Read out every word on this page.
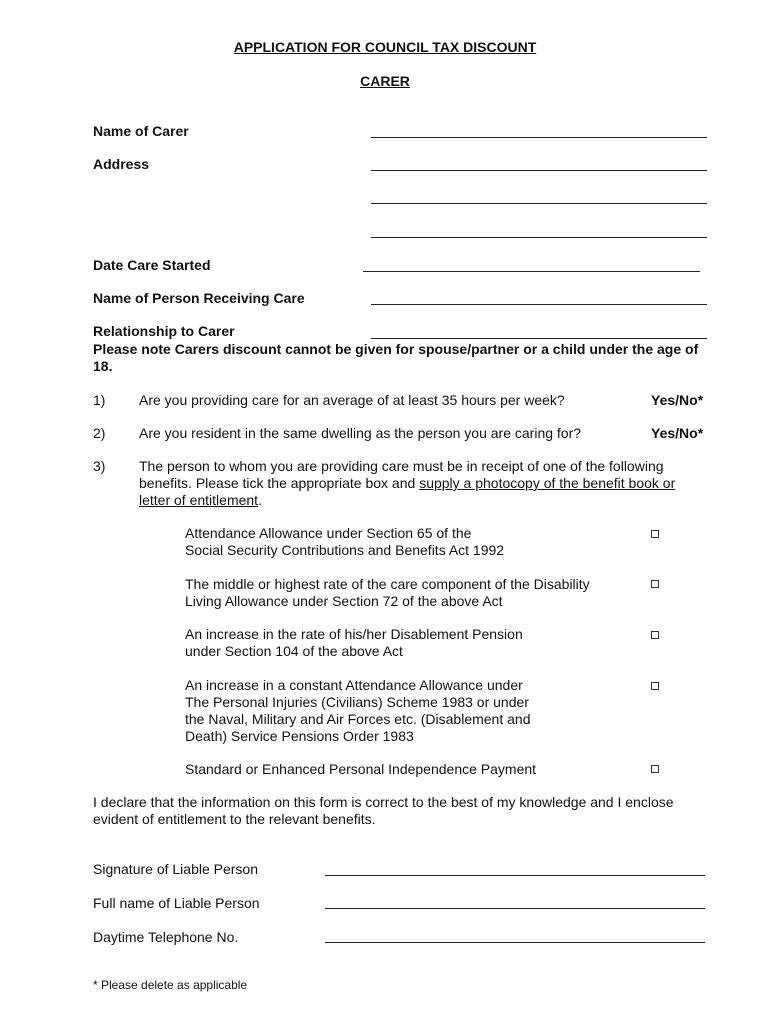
APPLICATION FOR COUNCIL TAX DISCOUNT
CARER
Name of Carer
Address
Date Care Started
Name of Person Receiving Care
Relationship to Carer
Please note Carers discount cannot be given for spouse/partner or a child under the age of 18.
1) Are you providing care for an average of at least 35 hours per week?	Yes/No*
2) Are you resident in the same dwelling as the person you are caring for?	Yes/No*
3) The person to whom you are providing care must be in receipt of one of the following benefits. Please tick the appropriate box and supply a photocopy of the benefit book or letter of entitlement.
Attendance Allowance under Section 65 of the
Social Security Contributions and Benefits Act 1992
The middle or highest rate of the care component of the Disability
Living Allowance under Section 72 of the above Act
An increase in the rate of his/her Disablement Pension
under Section 104 of the above Act
An increase in a constant Attendance Allowance under
The Personal Injuries (Civilians) Scheme 1983 or under
the Naval, Military and Air Forces etc. (Disablement and
Death) Service Pensions Order 1983
Standard or Enhanced Personal Independence Payment
I declare that the information on this form is correct to the best of my knowledge and I enclose evident of entitlement to the relevant benefits.
Signature of Liable Person
Full name of Liable Person
Daytime Telephone No.
* Please delete as applicable
